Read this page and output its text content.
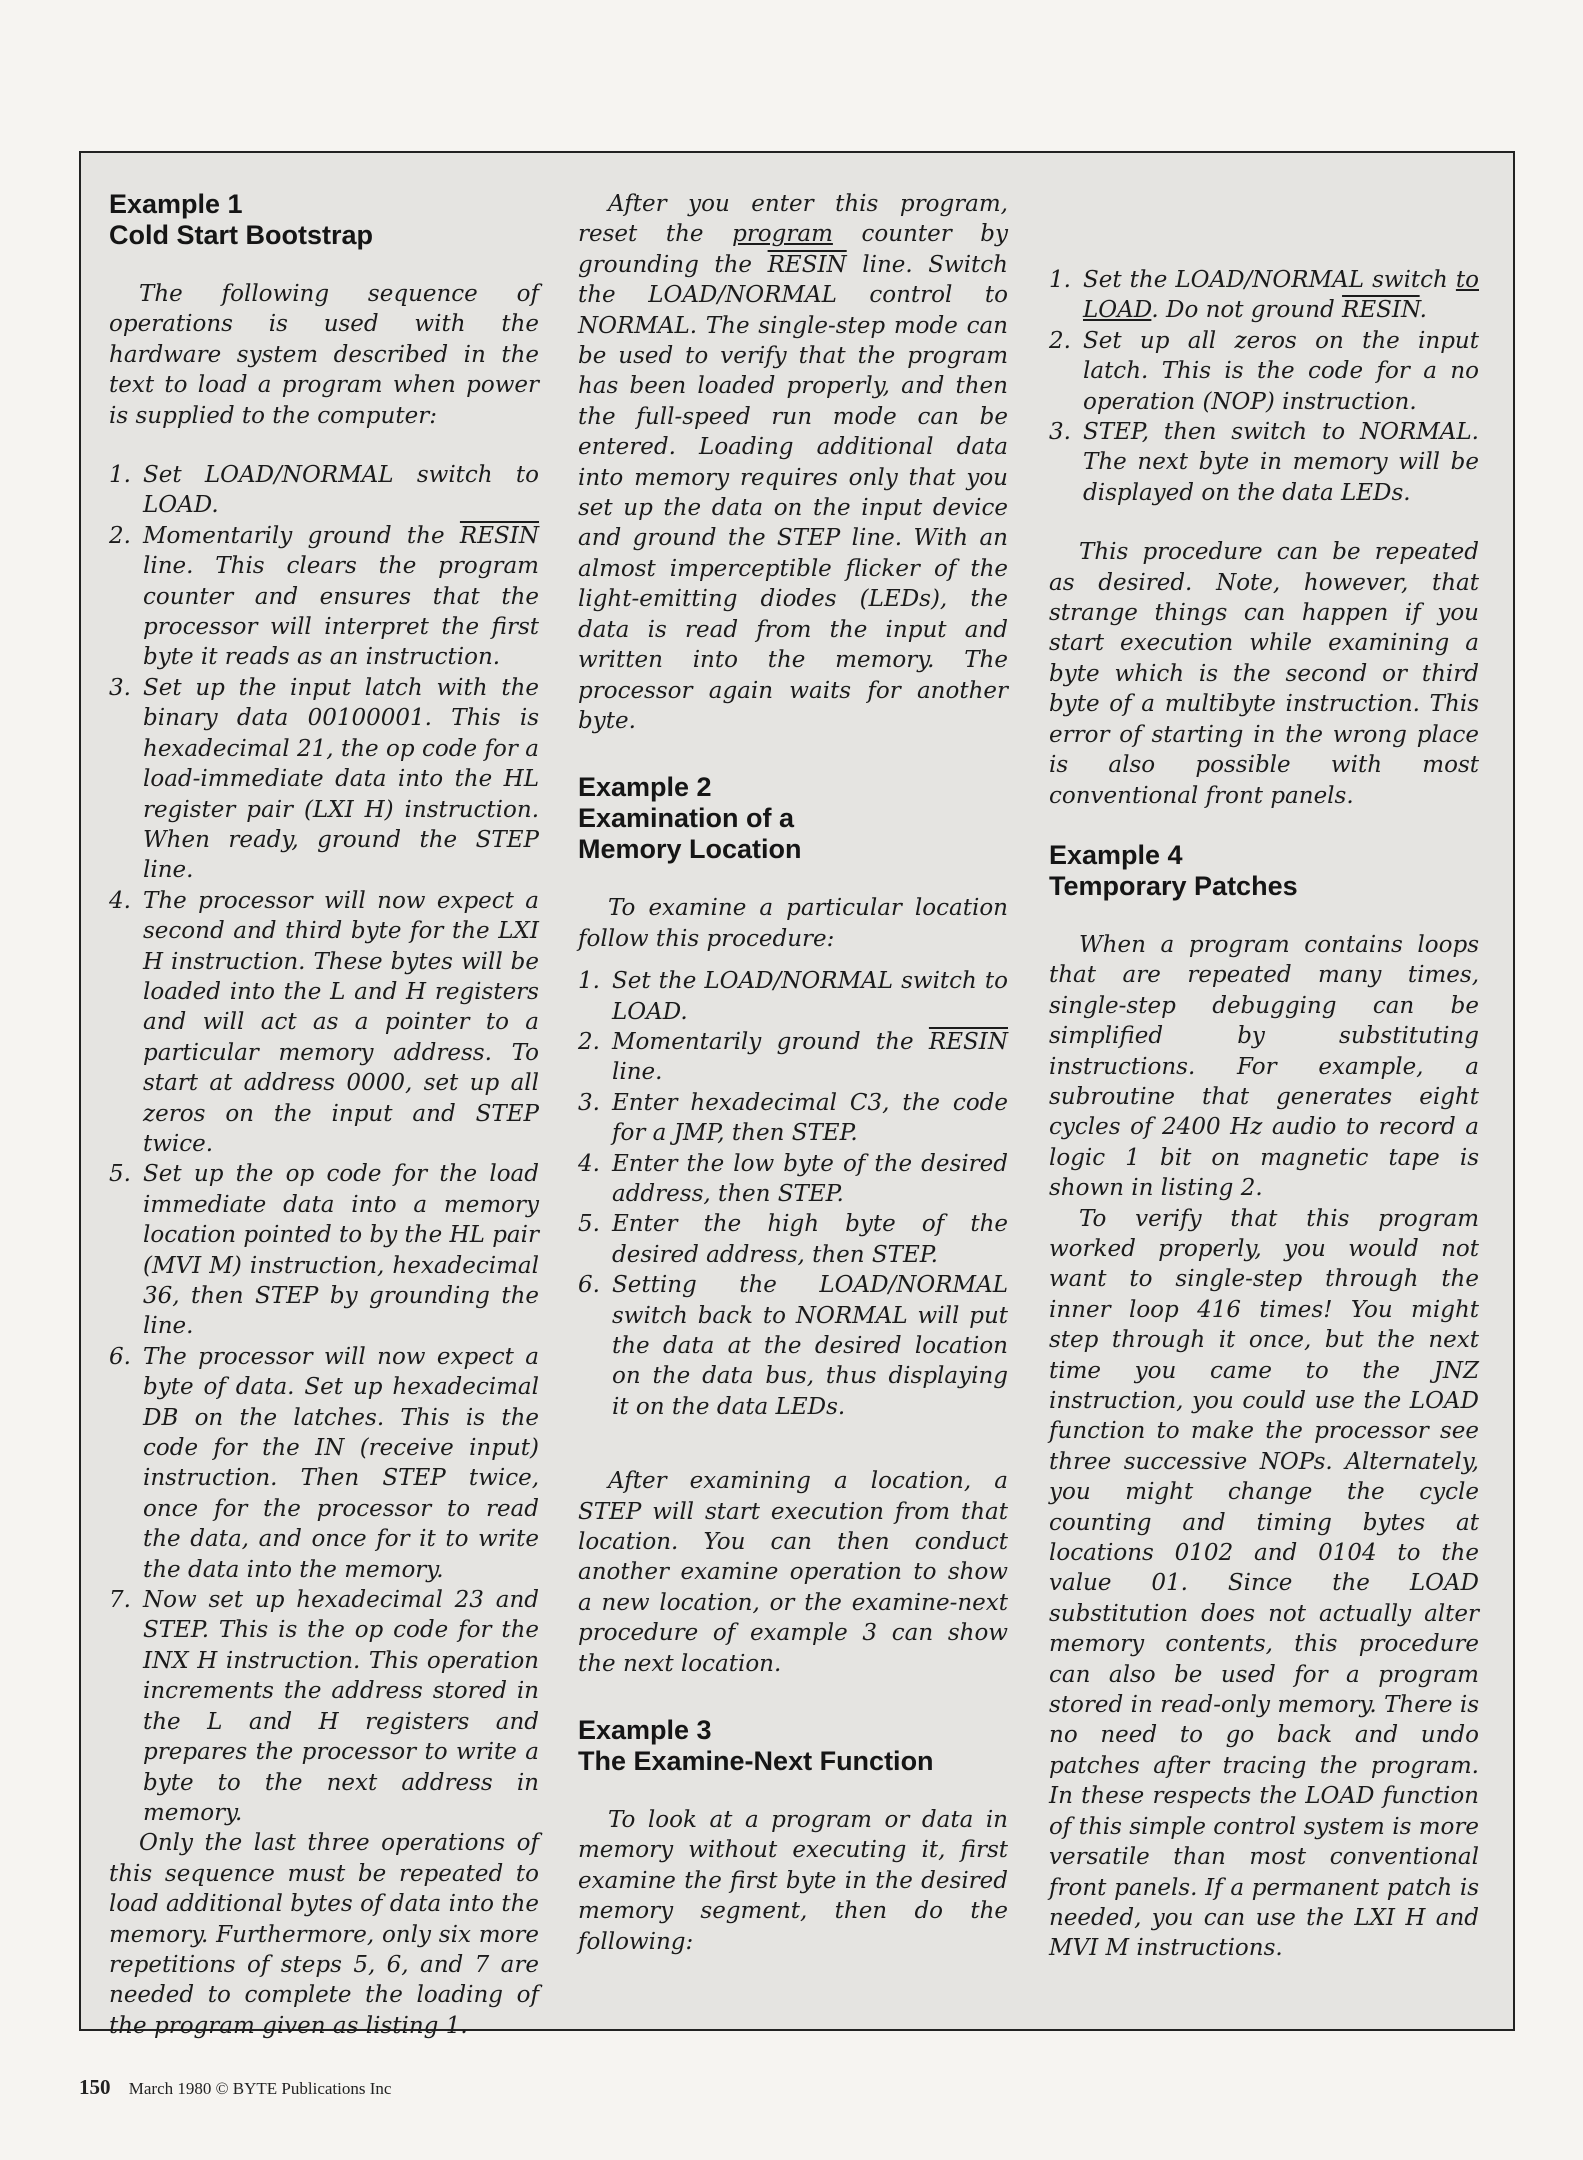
Example 1
Cold Start Bootstrap

The following sequence of operations is used with the hardware system described in the text to load a program when power is supplied to the computer:

1. Set LOAD/NORMAL switch to LOAD.
2. Momentarily ground the RESIN line. This clears the program counter and ensures that the processor will interpret the first byte it reads as an instruction.
3. Set up the input latch with the binary data 00100001. This is hexadecimal 21, the op code for a load-immediate data into the HL register pair (LXI H) instruction. When ready, ground the STEP line.
4. The processor will now expect a second and third byte for the LXI H instruction. These bytes will be loaded into the L and H registers and will act as a pointer to a particular memory address. To start at address 0000, set up all zeros on the input and STEP twice.
5. Set up the op code for the load immediate data into a memory location pointed to by the HL pair (MVI M) instruction, hexadecimal 36, then STEP by grounding the line.
6. The processor will now expect a byte of data. Set up hexadecimal DB on the latches. This is the code for the IN (receive input) instruction. Then STEP twice, once for the processor to read the data, and once for it to write the data into the memory.
7. Now set up hexadecimal 23 and STEP. This is the op code for the INX H instruction. This operation increments the address stored in the L and H registers and prepares the processor to write a byte to the next address in memory.

Only the last three operations of this sequence must be repeated to load additional bytes of data into the memory. Furthermore, only six more repetitions of steps 5, 6, and 7 are needed to complete the loading of the program given as listing 1.

After you enter this program, reset the program counter by grounding the RESIN line. Switch the LOAD/NORMAL control to NORMAL. The single-step mode can be used to verify that the program has been loaded properly, and then the full-speed run mode can be entered. Loading additional data into memory requires only that you set up the data on the input device and ground the STEP line. With an almost imperceptible flicker of the light-emitting diodes (LEDs), the data is read from the input and written into the memory. The processor again waits for another byte.

Example 2
Examination of a
Memory Location

To examine a particular location follow this procedure:

1. Set the LOAD/NORMAL switch to LOAD.
2. Momentarily ground the RESIN line.
3. Enter hexadecimal C3, the code for a JMP, then STEP.
4. Enter the low byte of the desired address, then STEP.
5. Enter the high byte of the desired address, then STEP.
6. Setting the LOAD/NORMAL switch back to NORMAL will put the data at the desired location on the data bus, thus displaying it on the data LEDs.

After examining a location, a STEP will start execution from that location. You can then conduct another examine operation to show a new location, or the examine-next procedure of example 3 can show the next location.

Example 3
The Examine-Next Function

To look at a program or data in memory without executing it, first examine the first byte in the desired memory segment, then do the following:

1. Set the LOAD/NORMAL switch to LOAD. Do not ground RESIN.
2. Set up all zeros on the input latch. This is the code for a no operation (NOP) instruction.
3. STEP, then switch to NORMAL. The next byte in memory will be displayed on the data LEDs.

This procedure can be repeated as desired. Note, however, that strange things can happen if you start execution while examining a byte which is the second or third byte of a multibyte instruction. This error of starting in the wrong place is also possible with most conventional front panels.

Example 4
Temporary Patches

When a program contains loops that are repeated many times, single-step debugging can be simplified by substituting instructions. For example, a subroutine that generates eight cycles of 2400 Hz audio to record a logic 1 bit on magnetic tape is shown in listing 2.

To verify that this program worked properly, you would not want to single-step through the inner loop 416 times! You might step through it once, but the next time you came to the JNZ instruction, you could use the LOAD function to make the processor see three successive NOPs. Alternately, you might change the cycle counting and timing bytes at locations 0102 and 0104 to the value 01. Since the LOAD substitution does not actually alter memory contents, this procedure can also be used for a program stored in read-only memory. There is no need to go back and undo patches after tracing the program. In these respects the LOAD function of this simple control system is more versatile than most conventional front panels. If a permanent patch is needed, you can use the LXI H and MVI M instructions.

150 March 1980 © BYTE Publications Inc
